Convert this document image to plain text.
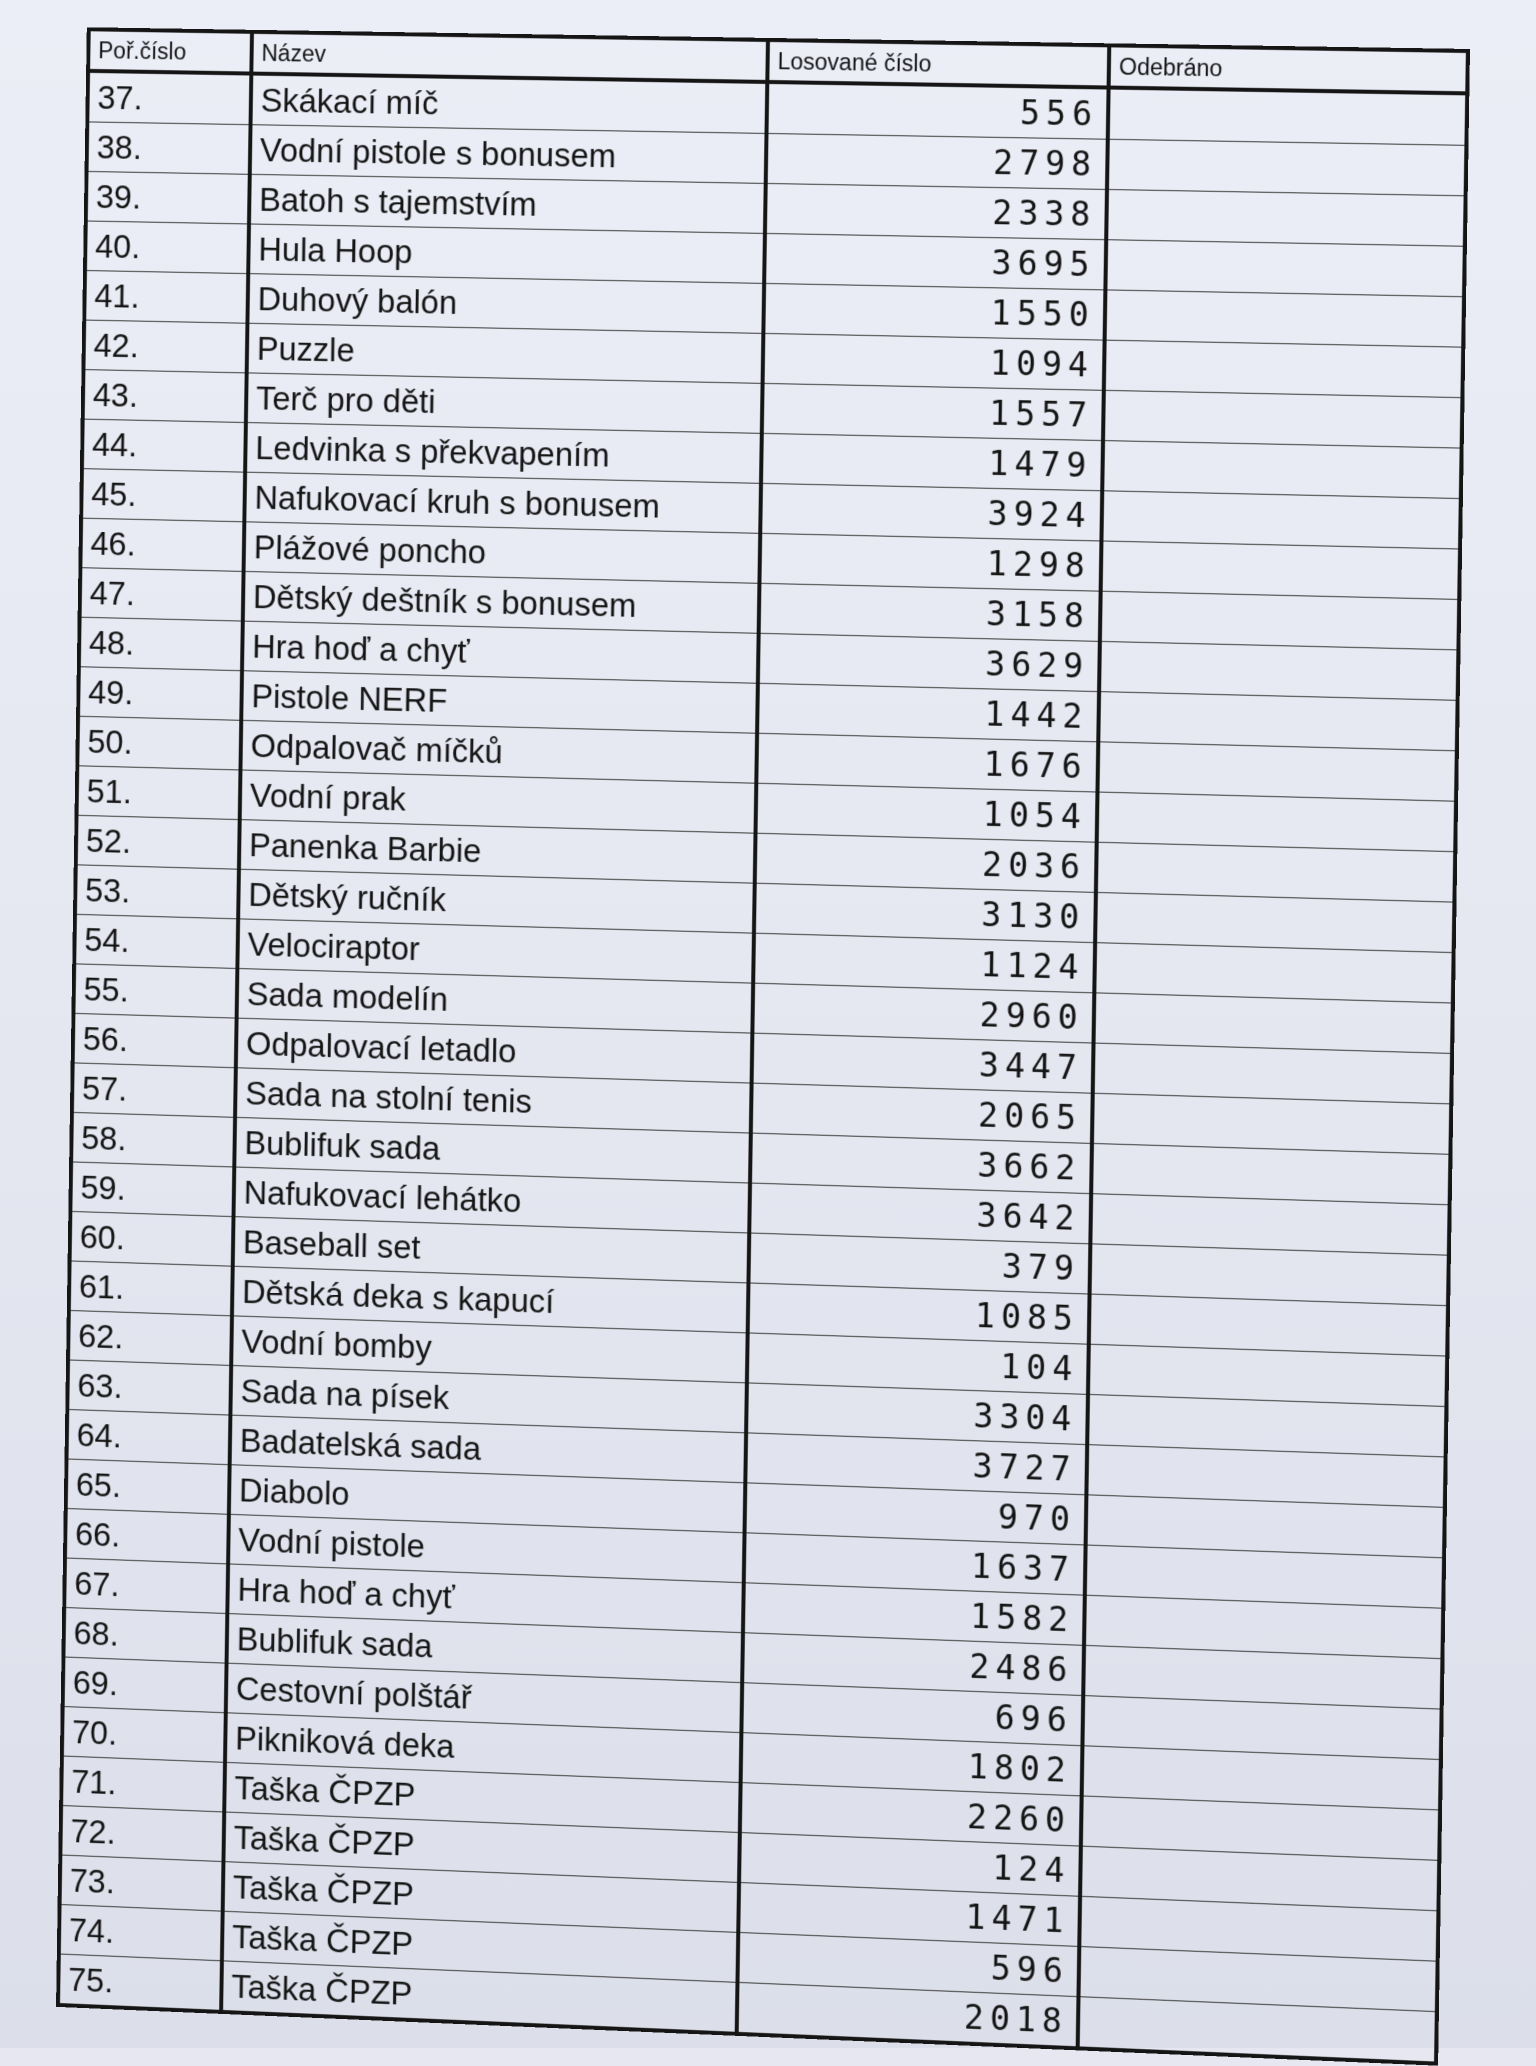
Poř.číslo	Název	Losované číslo	Odebráno
37.	Skákací míč	556	
38.	Vodní pistole s bonusem	2798	
39.	Batoh s tajemstvím	2338	
40.	Hula Hoop	3695	
41.	Duhový balón	1550	
42.	Puzzle	1094	
43.	Terč pro děti	1557	
44.	Ledvinka s překvapením	1479	
45.	Nafukovací kruh s bonusem	3924	
46.	Plážové poncho	1298	
47.	Dětský deštník s bonusem	3158	
48.	Hra hoď a chyť	3629	
49.	Pistole NERF	1442	
50.	Odpalovač míčků	1676	
51.	Vodní prak	1054	
52.	Panenka Barbie	2036	
53.	Dětský ručník	3130	
54.	Velociraptor	1124	
55.	Sada modelín	2960	
56.	Odpalovací letadlo	3447	
57.	Sada na stolní tenis	2065	
58.	Bublifuk sada	3662	
59.	Nafukovací lehátko	3642	
60.	Baseball set	379	
61.	Dětská deka s kapucí	1085	
62.	Vodní bomby	104	
63.	Sada na písek	3304	
64.	Badatelská sada	3727	
65.	Diabolo	970	
66.	Vodní pistole	1637	
67.	Hra hoď a chyť	1582	
68.	Bublifuk sada	2486	
69.	Cestovní polštář	696	
70.	Pikniková deka	1802	
71.	Taška ČPZP	2260	
72.	Taška ČPZP	124	
73.	Taška ČPZP	1471	
74.	Taška ČPZP	596	
75.	Taška ČPZP	2018	
